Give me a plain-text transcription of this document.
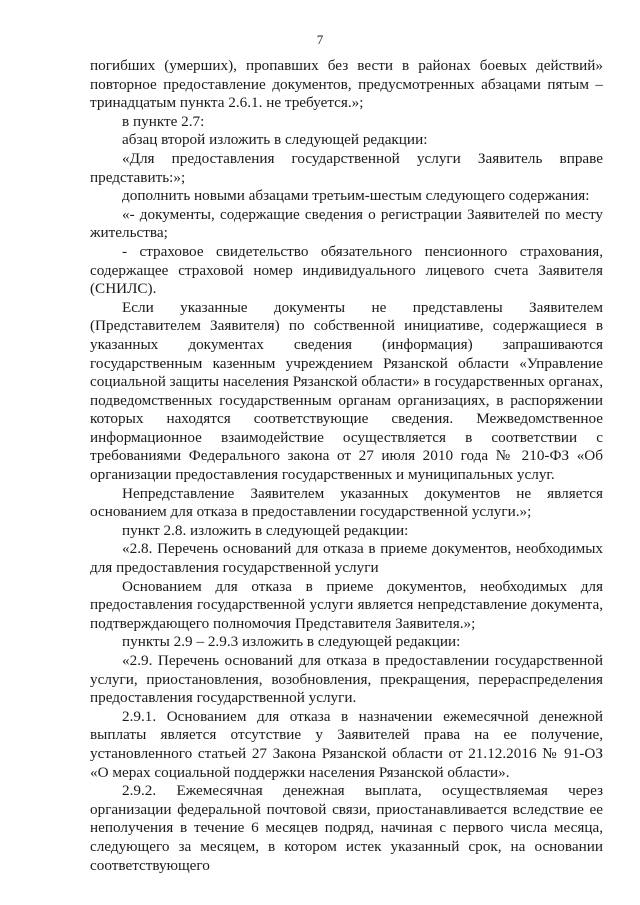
7

погибших (умерших), пропавших без вести в районах боевых действий» повторное предоставление документов, предусмотренных абзацами пятым – тринадцатым пункта 2.6.1. не требуется.»;

в пункте 2.7:

абзац второй изложить в следующей редакции:

«Для предоставления государственной услуги Заявитель вправе представить:»;

дополнить новыми абзацами третьим-шестым следующего содержания:

«- документы, содержащие сведения о регистрации Заявителей по месту жительства;

- страховое свидетельство обязательного пенсионного страхования, содержащее страховой номер индивидуального лицевого счета Заявителя (СНИЛС).

Если указанные документы не представлены Заявителем (Представителем Заявителя) по собственной инициативе, содержащиеся в указанных документах сведения (информация) запрашиваются государственным казенным учреждением Рязанской области «Управление социальной защиты населения Рязанской области» в государственных органах, подведомственных государственным органам организациях, в распоряжении которых находятся соответствующие сведения. Межведомственное информационное взаимодействие осуществляется в соответствии с требованиями Федерального закона от 27 июля 2010 года № 210-ФЗ «Об организации предоставления государственных и муниципальных услуг.

Непредставление Заявителем указанных документов не является основанием для отказа в предоставлении государственной услуги.»;

пункт 2.8. изложить в следующей редакции:

«2.8. Перечень оснований для отказа в приеме документов, необходимых для предоставления государственной услуги

Основанием для отказа в приеме документов, необходимых для предоставления государственной услуги является непредставление документа, подтверждающего полномочия Представителя Заявителя.»;

пункты 2.9 – 2.9.3 изложить в следующей редакции:

«2.9. Перечень оснований для отказа в предоставлении государственной услуги, приостановления, возобновления, прекращения, перераспределения предоставления государственной услуги.

2.9.1. Основанием для отказа в назначении ежемесячной денежной выплаты является отсутствие у Заявителей права на ее получение, установленного статьей 27 Закона Рязанской области от 21.12.2016 № 91-ОЗ «О мерах социальной поддержки населения Рязанской области».

2.9.2. Ежемесячная денежная выплата, осуществляемая через организации федеральной почтовой связи, приостанавливается вследствие ее неполучения в течение 6 месяцев подряд, начиная с первого числа месяца, следующего за месяцем, в котором истек указанный срок, на основании соответствующего
